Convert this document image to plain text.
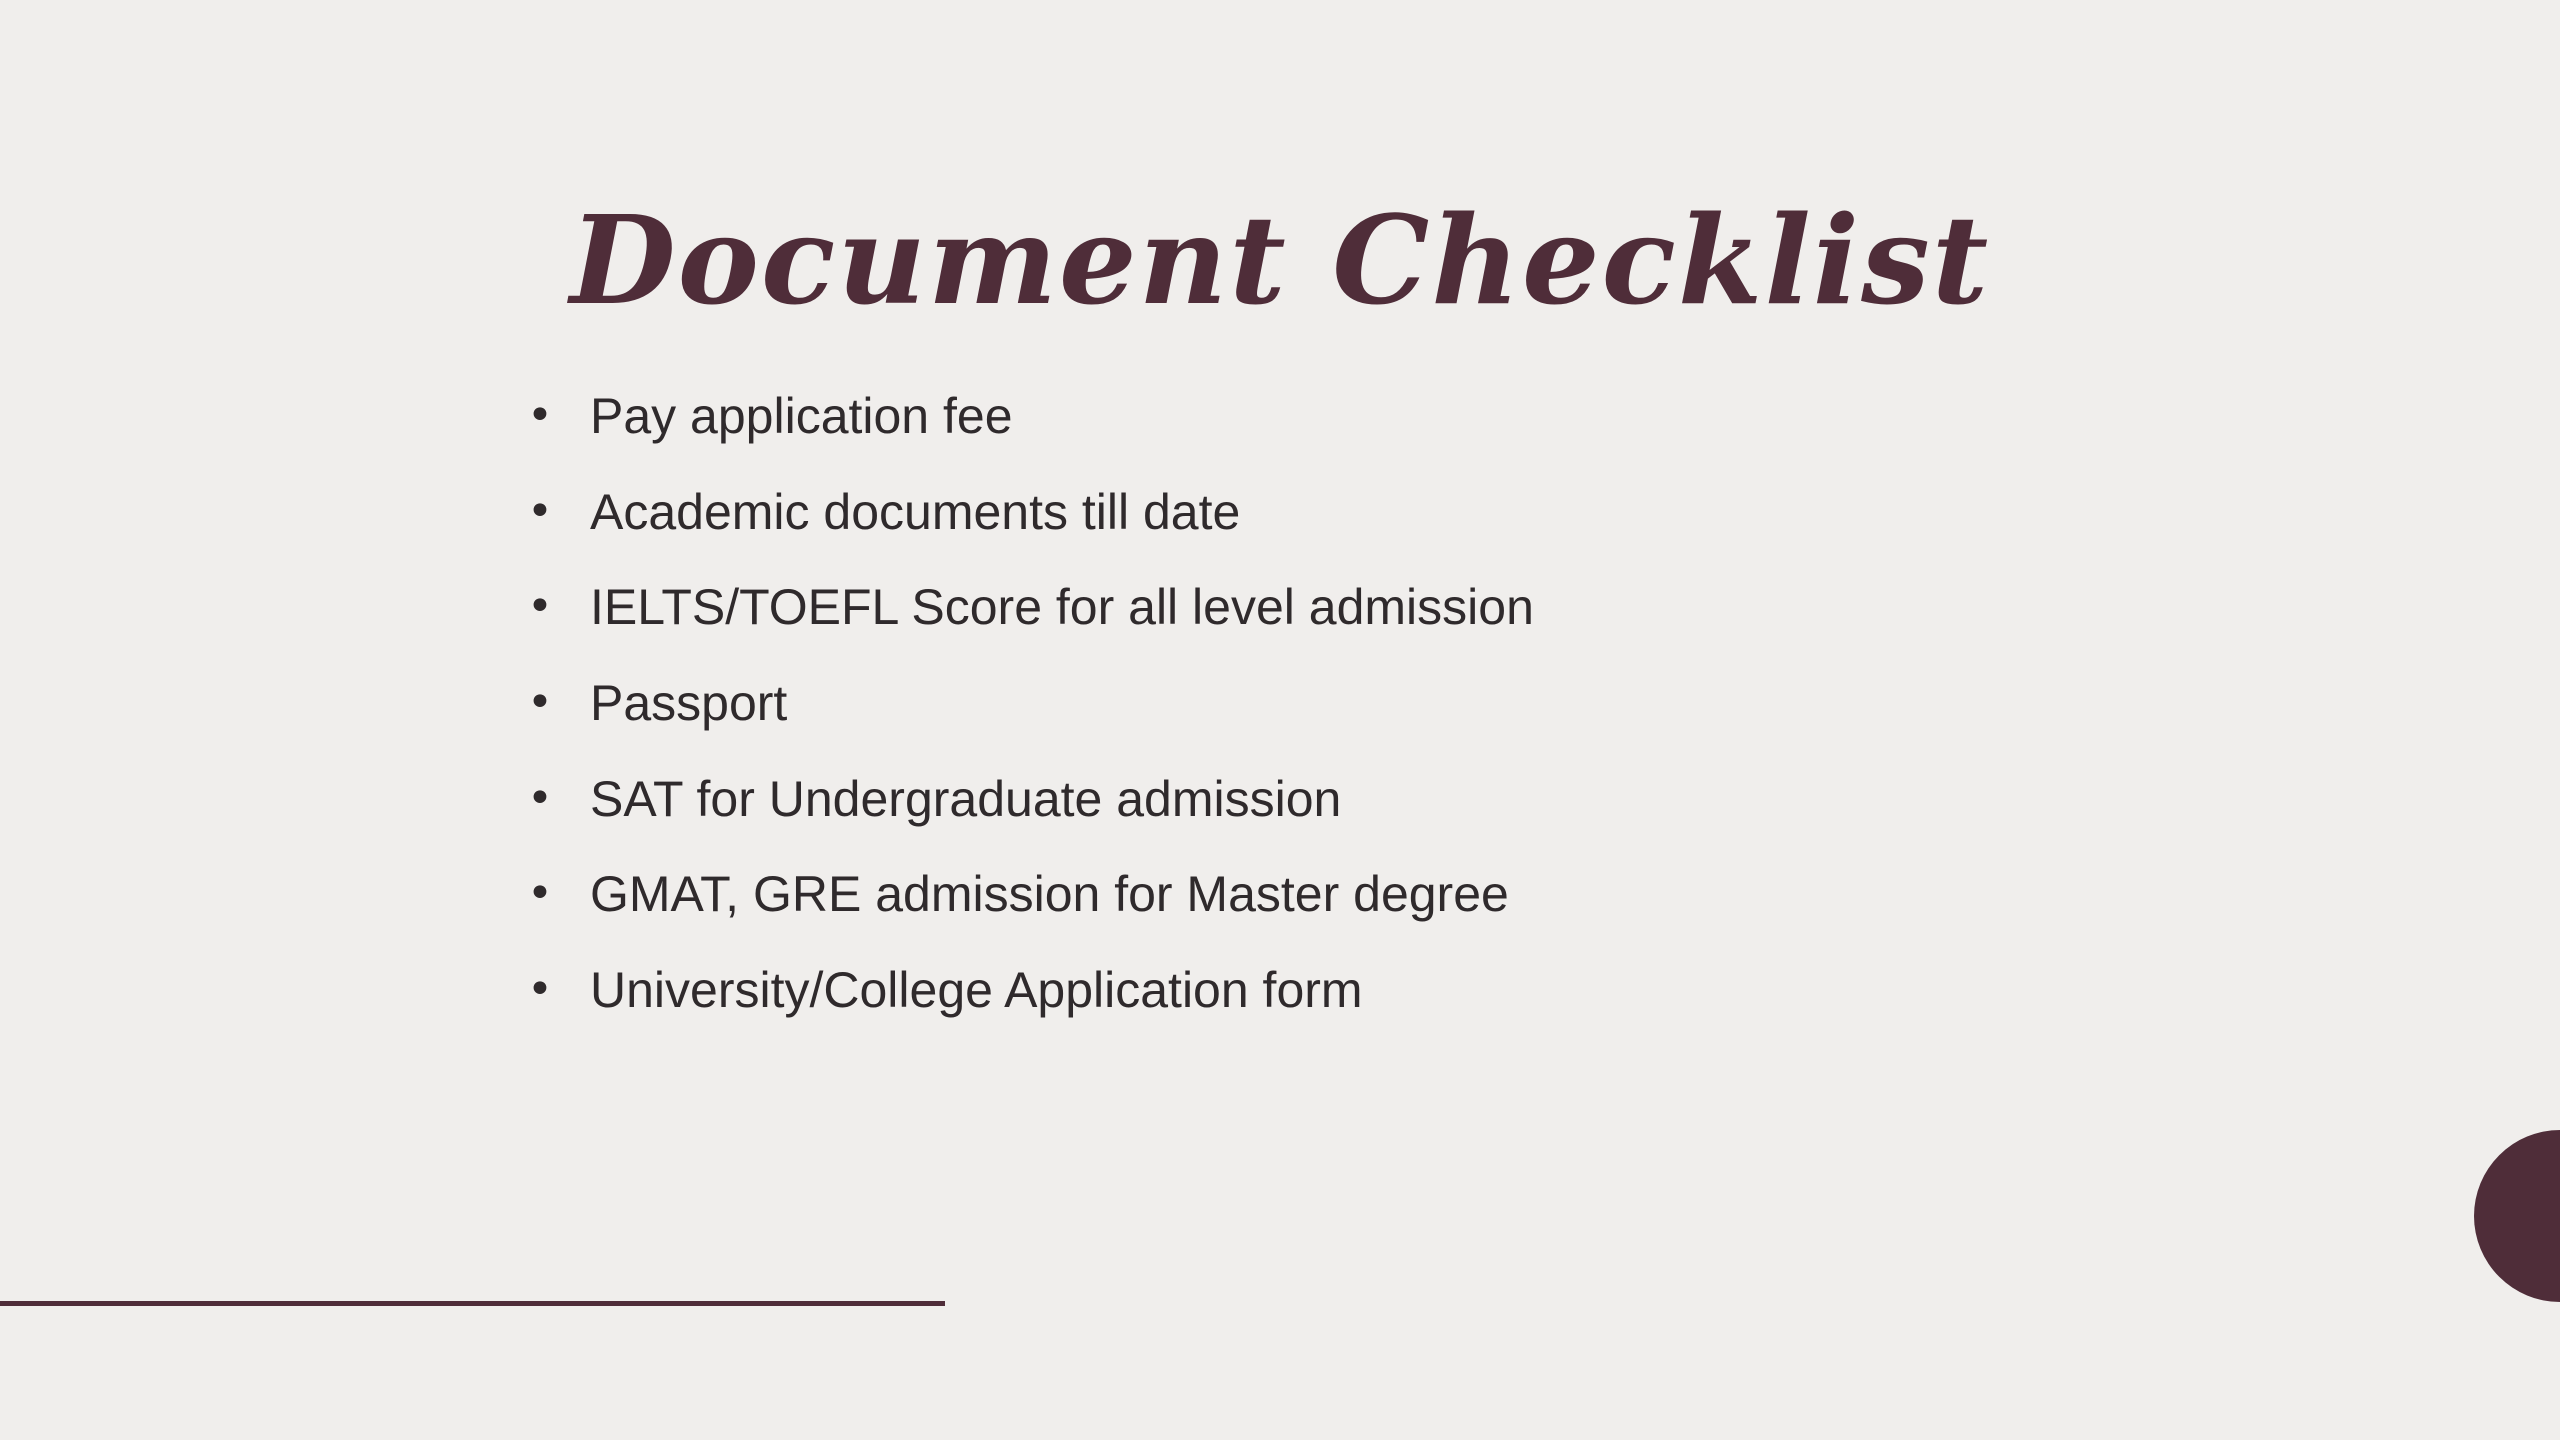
Document Checklist
• Pay application fee
• Academic documents till date
• IELTS/TOEFL Score for all level admission
• Passport
• SAT for Undergraduate admission
• GMAT, GRE admission for Master degree
• University/College Application form
